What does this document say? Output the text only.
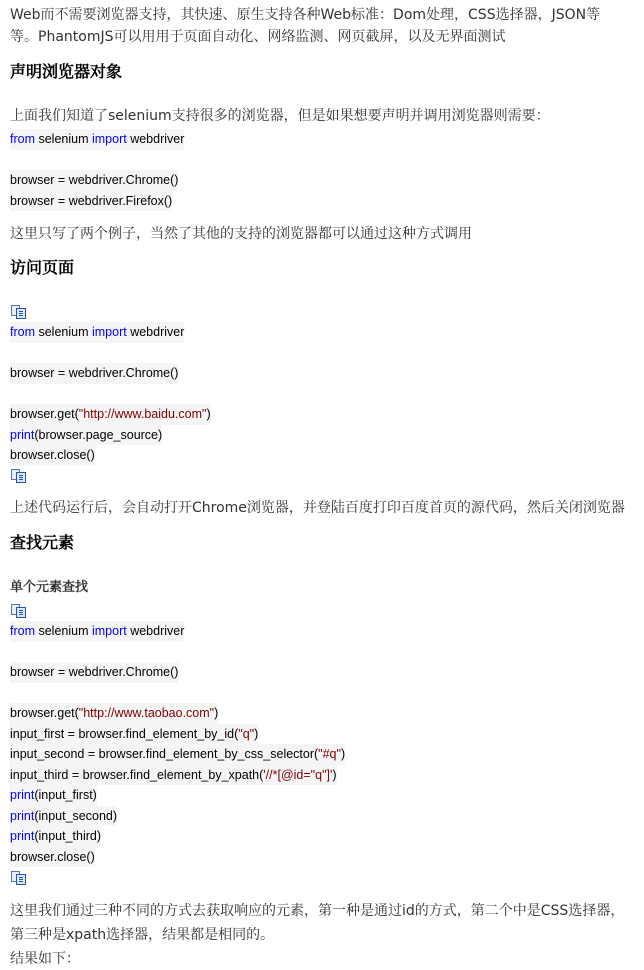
Web而不需要浏览器支持，其快速、原生支持各种Web标准：Dom处理，CSS选择器，JSON等

等。PhantomJS可以用用于页面自动化、网络监测、网页截屏，以及无界面测试

声明浏览器对象

上面我们知道了selenium支持很多的浏览器，但是如果想要声明并调用浏览器则需要：

from selenium import webdriver
browser = webdriver.Chrome()
browser = webdriver.Firefox()

这里只写了两个例子，当然了其他的支持的浏览器都可以通过这种方式调用

访问页面
from selenium import webdriver
browser = webdriver.Chrome()
browser.get("http://www.baidu.com")
print(browser.page_source)
browser.close()

上述代码运行后，会自动打开Chrome浏览器，并登陆百度打印百度首页的源代码，然后关闭浏览器

查找元素
单个元素查找
from selenium import webdriver
browser = webdriver.Chrome()
browser.get("http://www.taobao.com")
input_first = browser.find_element_by_id("q")
input_second = browser.find_element_by_css_selector("#q")
input_third = browser.find_element_by_xpath('//*[@id="q"]')
print(input_first)
print(input_second)
print(input_third)
browser.close()

这里我们通过三种不同的方式去获取响应的元素，第一种是通过id的方式，第二个中是CSS选择器，

第三种是xpath选择器，结果都是相同的。

结果如下：
